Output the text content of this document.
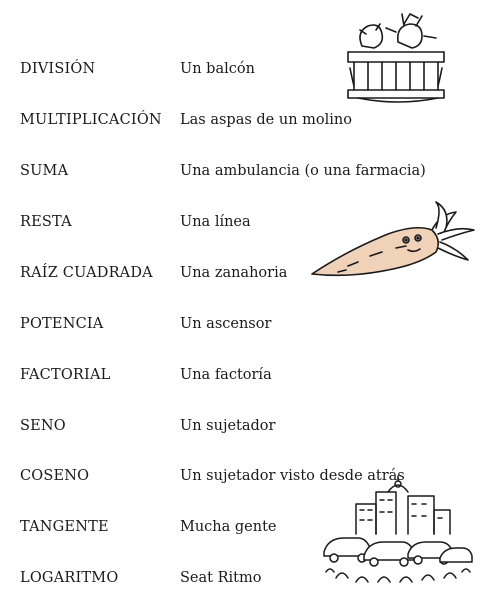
DIVISIÓN	Un balcón
MULTIPLICACIÓN Las aspas de un molino
SUMA	Una ambulancia (o una farmacia)
RESTA	Una línea
RAÍZ CUADRADA Una zanahoria
POTENCIA	Un ascensor
FACTORIAL	Una factoría
SENO	Un sujetador
COSENO	Un sujetador visto desde atrás
TANGENTE	Mucha gente
LOGARITMO	Seat Ritmo
